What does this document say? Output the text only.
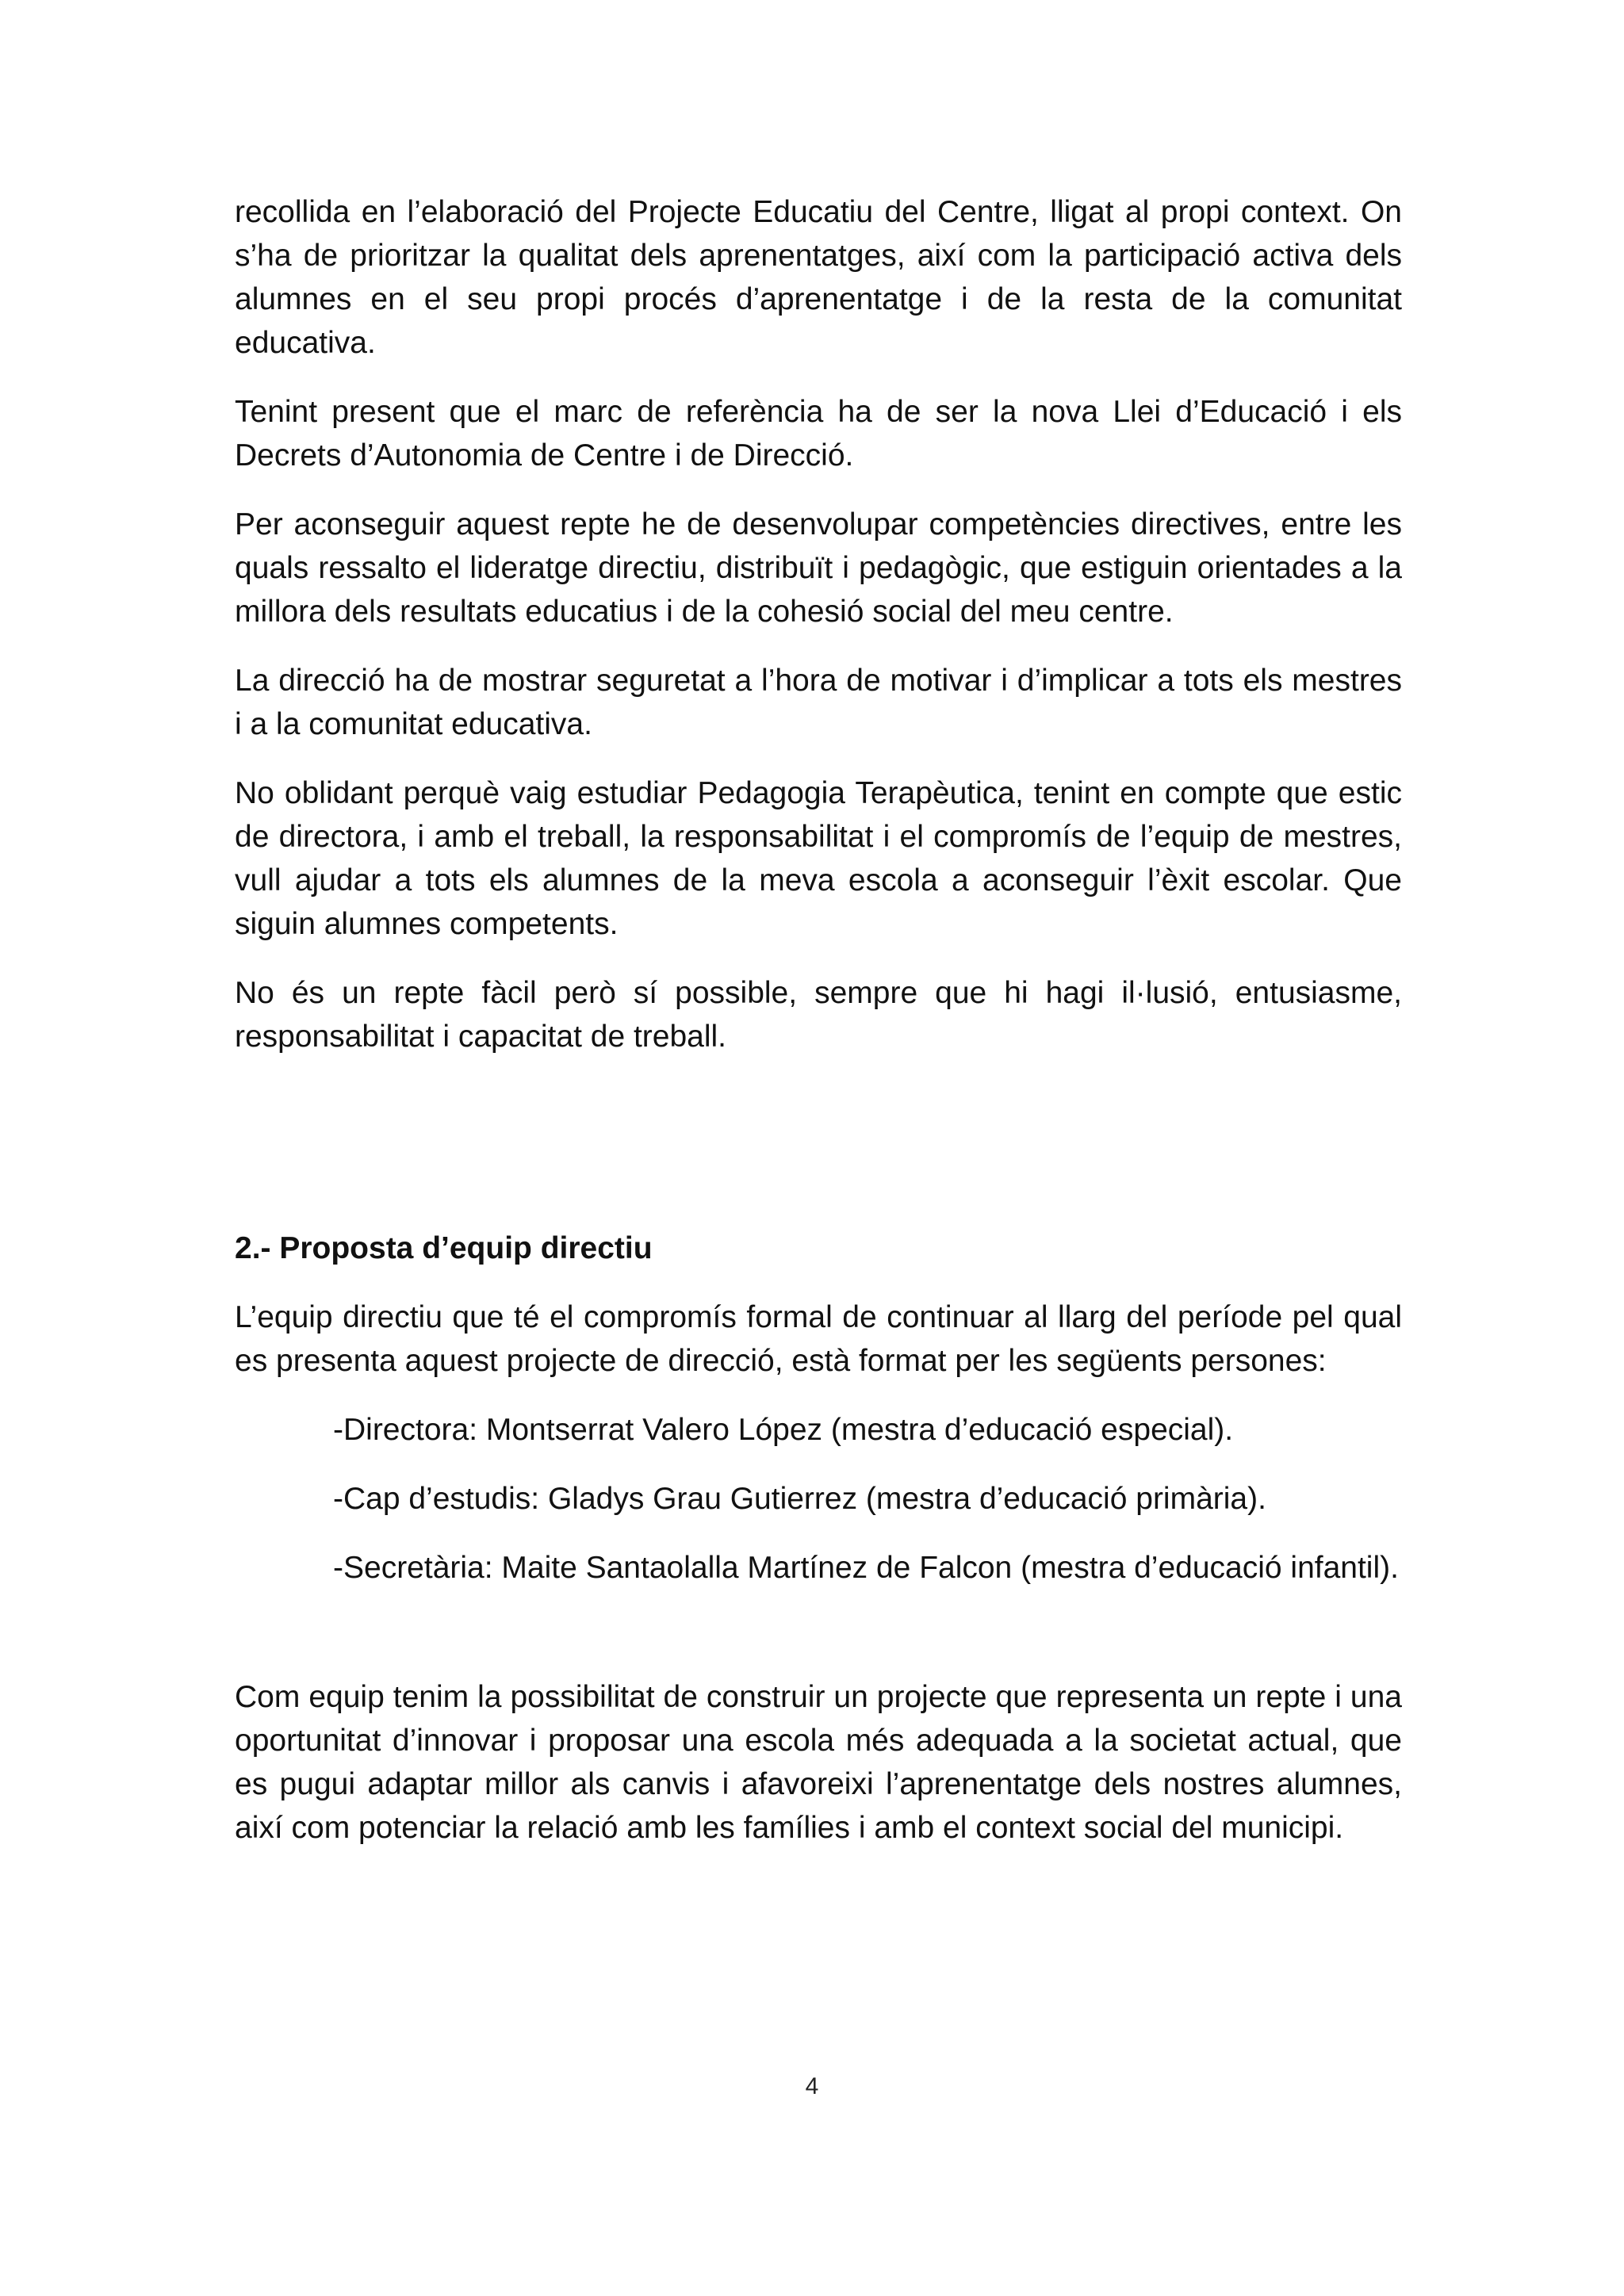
recollida en l’elaboració del Projecte Educatiu del Centre, lligat al propi context. On s’ha de prioritzar la qualitat dels aprenentatges, així com la participació activa dels alumnes en el seu propi procés d’aprenentatge i de la resta de la comunitat educativa.

Tenint present que el marc de referència ha de ser la nova Llei d’Educació i els Decrets d’Autonomia de Centre i de Direcció.

Per aconseguir aquest repte he de desenvolupar competències directives, entre les quals ressalto el lideratge directiu, distribuït i pedagògic, que estiguin orientades a la millora dels resultats educatius i de la cohesió social del meu centre.

La direcció ha de mostrar seguretat a l’hora de motivar i d’implicar a tots els mestres i a la comunitat educativa.

No oblidant perquè vaig estudiar Pedagogia Terapèutica, tenint en compte que estic de directora, i amb el treball, la responsabilitat i el compromís de l’equip de mestres, vull ajudar a tots els alumnes de la meva escola a aconseguir l’èxit escolar. Que siguin alumnes competents.

No és un repte fàcil però sí possible, sempre que hi hagi il·lusió, entusiasme, responsabilitat i capacitat de treball.

2.- Proposta d’equip directiu

L’equip directiu que té el compromís formal de continuar al llarg del període pel qual es presenta aquest projecte de direcció, està format per les següents persones:

-Directora: Montserrat Valero López (mestra d’educació especial).
-Cap d’estudis: Gladys Grau Gutierrez (mestra d’educació primària).
-Secretària: Maite Santaolalla Martínez de Falcon (mestra d’educació infantil).

Com equip tenim la possibilitat de construir un projecte que representa un repte i una oportunitat d’innovar i proposar una escola més adequada a la societat actual, que es pugui adaptar millor als canvis i afavoreixi l’aprenentatge dels nostres alumnes, així com potenciar la relació amb les famílies i amb el context social del municipi.

4
